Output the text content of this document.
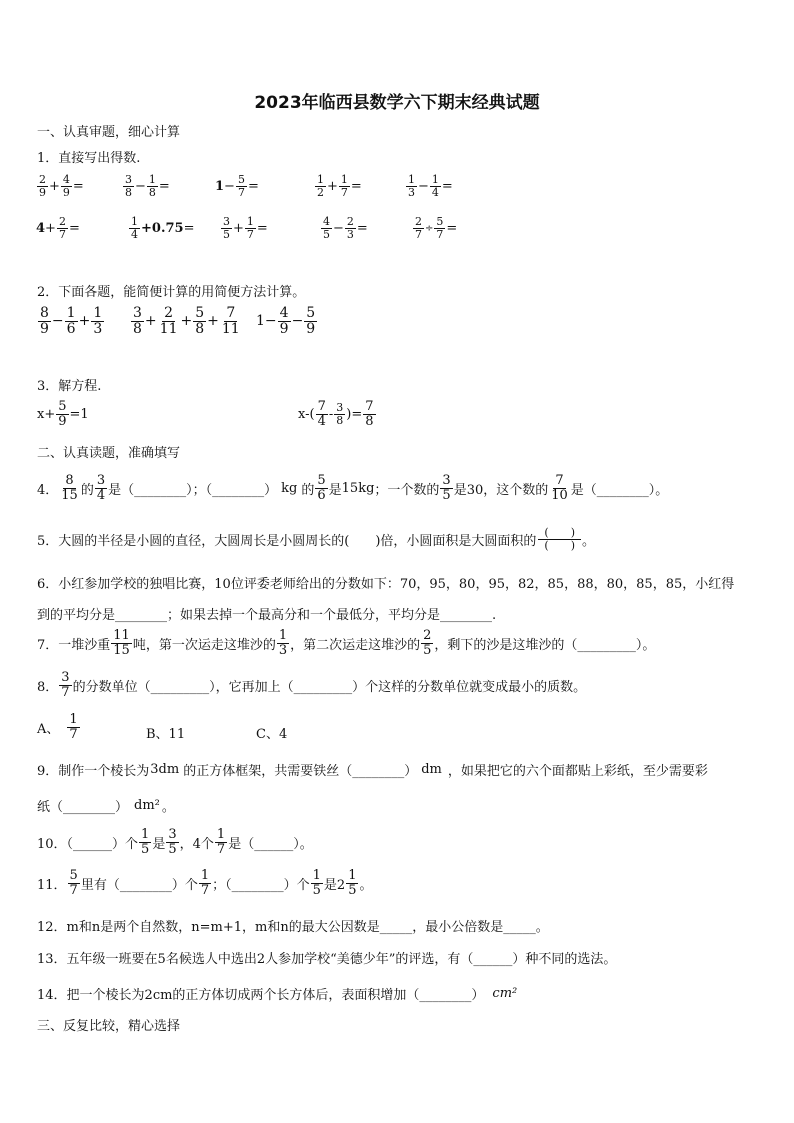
2023年临西县数学六下期末经典试题
一、认真审题，细心计算
1．直接写出得数.
$\frac{2}{9} + \frac{4}{9}$ =	$\frac{3}{8} - \frac{1}{8}$ =	$1 - \frac{5}{7}$ =	$\frac{1}{2} + \frac{1}{7}$ =	$\frac{1}{3} - \frac{1}{4}$ =
$4 + \frac{2}{7}$ =	$\frac{1}{4} +0.75 = \frac{3}{5} + \frac{1}{7}$ =	$\frac{4}{5} - \frac{2}{3}$ =	$\frac{2}{7} \div \frac{5}{7}$ =
2．下面各题，能简便计算的用简便方法计算。
$\frac{8}{9} - \frac{1}{6} + \frac{1}{3} \frac{3}{8} + \frac{2}{11} + \frac{5}{8} + \frac{7}{11} 1- \frac{4}{9} - \frac{5}{9}$
3．解方程.
$x+ \frac{5}{9} =1$	$x-( \frac{7}{4} - \frac{3}{8}$ )= $\frac{7}{8}$
二、认真读题，准确填写
4． $\frac{8}{15}$ 的 $\frac{3}{4}$ 是（________）；（________） kg 的 $\frac{5}{6}$ 是 15kg ；一个数的 $\frac{3}{5}$ 是30，这个数的 $\frac{7}{10}$ 是（________）。
5．大圆的半径是小圆的直径，大圆周长是小圆周长的(　　)倍，小圆面积是大圆面积的 $\frac{( )}{( )}$ 。
6．小红参加学校的独唱比赛，10位评委老师给出的分数如下：70，95，80，95，82，85，88，80，85，85，小红得
到的平均分是________；如果去掉一个最高分和一个最低分，平均分是________.
7．一堆沙重 $\frac{11}{15}$ 吨，第一次运走这堆沙的 $\frac{1}{3}$ ，第二次运走这堆沙的 $\frac{2}{5}$ ，剩下的沙是这堆沙的（_________）。
8． $\frac{3}{7}$ 的分数单位（_________），它再加上（_________）个这样的分数单位就变成最小的质数。
A、 $\frac{1}{7}$	B、11	C、4
9．制作一个棱长为 3dm 的正方体框架，共需要铁丝（________） dm ，如果把它的六个面都贴上彩纸，至少需要彩
纸（________） dm² 。
10．（______）个 $\frac{1}{5}$ 是 $\frac{3}{5}$ ，4个 $\frac{1}{7}$ 是（______）。
11． $\frac{5}{7}$ 里有（________）个 $\frac{1}{7}$ ；（________）个 $\frac{1}{5}$ 是$2 \frac{1}{5}$ 。
12．m和n是两个自然数，n=m+1，m和n的最大公因数是_____，最小公倍数是_____。
13．五年级一班要在5名候选人中选出2人参加学校“美德少年”的评选，有（______）种不同的选法。
14．把一个棱长为2cm的正方体切成两个长方体后，表面积增加（________） cm²
三、反复比较，精心选择
